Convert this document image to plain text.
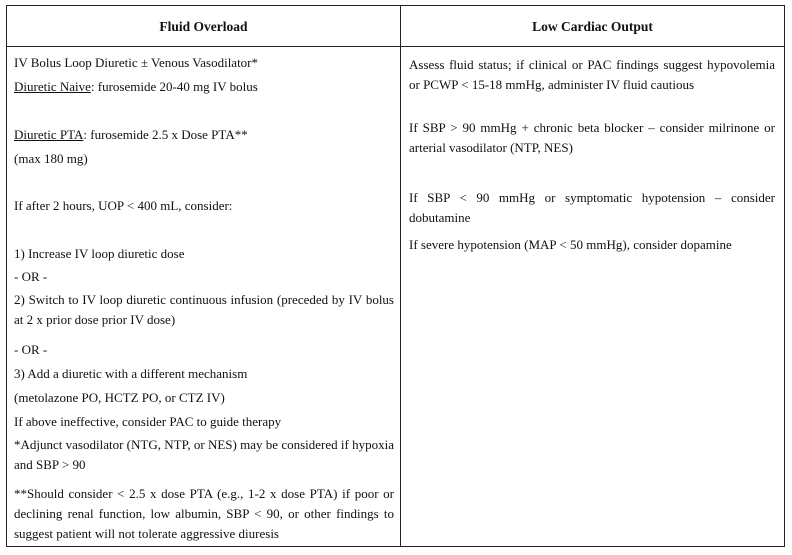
Fluid Overload	Low Cardiac Output
IV Bolus Loop Diuretic ± Venous Vasodilator*
Diuretic Naive: furosemide 20-40 mg IV bolus
Diuretic PTA: furosemide 2.5 x Dose PTA**
(max 180 mg)
If after 2 hours, UOP < 400 mL, consider:
1) Increase IV loop diuretic dose
- OR -
2) Switch to IV loop diuretic continuous infusion (preceded by IV bolus at 2 x prior dose prior IV dose)
- OR -
3) Add a diuretic with a different mechanism
(metolazone PO, HCTZ PO, or CTZ IV)
If above ineffective, consider PAC to guide therapy
*Adjunct vasodilator (NTG, NTP, or NES) may be considered if hypoxia and SBP > 90
**Should consider < 2.5 x dose PTA (e.g., 1-2 x dose PTA) if poor or declining renal function, low albumin, SBP < 90, or other findings to suggest patient will not tolerate aggressive diuresis
Assess fluid status; if clinical or PAC findings suggest hypovolemia or PCWP < 15-18 mmHg, administer IV fluid cautious
If SBP > 90 mmHg + chronic beta blocker – consider milrinone or arterial vasodilator (NTP, NES)
If SBP < 90 mmHg or symptomatic hypotension – consider dobutamine
If severe hypotension (MAP < 50 mmHg), consider dopamine
